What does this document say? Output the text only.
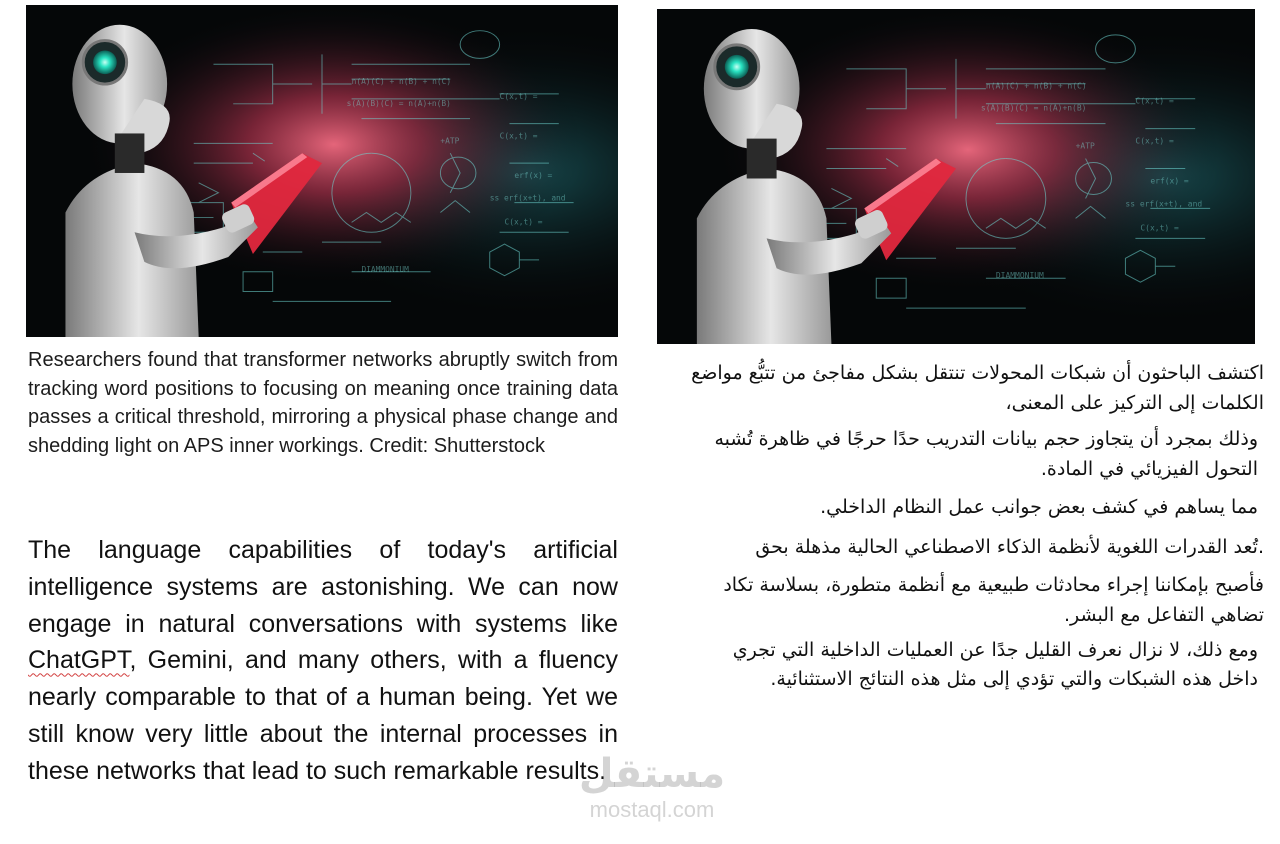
C(x,t) =
C(x,t) =
erf(x) =
ss erf(x+t), and
C(x,t) =
n(A)(C) + n(B) + n(C)
s(A)(B)(C) = n(A)+n(B)
+ATP
DIAMMONIUM
C(x,t) =
C(x,t) =
erf(x) =
ss erf(x+t), and
C(x,t) =
n(A)(C) + n(B) + n(C)
s(A)(B)(C) = n(A)+n(B)
+ATP
DIAMMONIUM

Researchers found that transformer networks abruptly switch from tracking word positions to focusing on meaning once training data passes a critical threshold, mirroring a physical phase change and shedding light on APS inner workings. Credit: Shutterstock

The language capabilities of today's artificial intelligence systems are astonishing. We can now engage in natural conversations with systems like ChatGPT, Gemini, and many others, with a fluency nearly comparable to that of a human being. Yet we still know very little about the internal processes in these networks that lead to such remarkable results.

اكتشف الباحثون أن شبكات المحولات تنتقل بشكل مفاجئ من تتبُّع مواضع الكلمات إلى التركيز على المعنى،

وذلك بمجرد أن يتجاوز حجم بيانات التدريب حدًا حرجًا في ظاهرة تُشبه التحول الفيزيائي في المادة.

مما يساهم في كشف بعض جوانب عمل النظام الداخلي.

.تُعد القدرات اللغوية لأنظمة الذكاء الاصطناعي الحالية مذهلة بحق

فأصبح بإمكاننا إجراء محادثات طبيعية مع أنظمة متطورة، بسلاسة تكاد تضاهي التفاعل مع البشر.

ومع ذلك، لا نزال نعرف القليل جدًا عن العمليات الداخلية التي تجري داخل هذه الشبكات والتي تؤدي إلى مثل هذه النتائج الاستثنائية.

مستقل
mostaql.com
